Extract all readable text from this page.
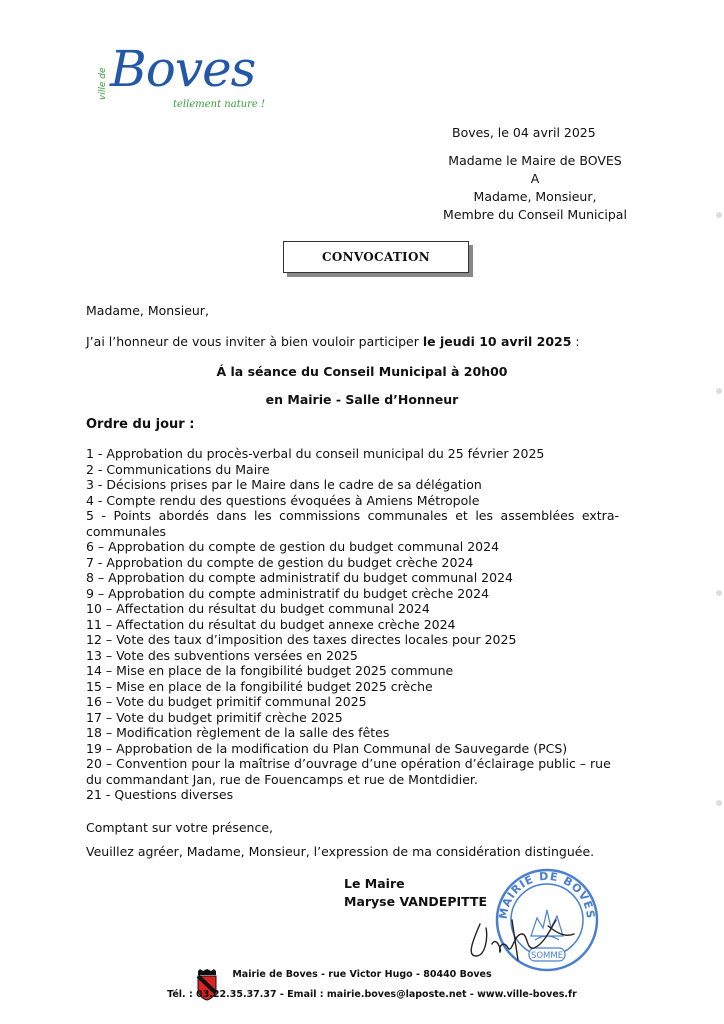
ville de Boves
tellement nature !
Boves, le 04 avril 2025
Madame le Maire de BOVES
A
Madame, Monsieur,
Membre du Conseil Municipal
CONVOCATION
Madame, Monsieur,
J’ai l’honneur de vous inviter à bien vouloir participer le jeudi 10 avril 2025 :
Á la séance du Conseil Municipal à 20h00
en Mairie - Salle d’Honneur
Ordre du jour :
1 - Approbation du procès-verbal du conseil municipal du 25 février 2025
2 - Communications du Maire
3 - Décisions prises par le Maire dans le cadre de sa délégation
4 - Compte rendu des questions évoquées à Amiens Métropole
5 - Points abordés dans les commissions communales et les assemblées extra-
communales
6 – Approbation du compte de gestion du budget communal 2024
7 - Approbation du compte de gestion du budget crèche 2024
8 – Approbation du compte administratif du budget communal 2024
9 – Approbation du compte administratif du budget crèche 2024
10 – Affectation du résultat du budget communal 2024
11 – Affectation du résultat du budget annexe crèche 2024
12 – Vote des taux d’imposition des taxes directes locales pour 2025
13 – Vote des subventions versées en 2025
14 – Mise en place de la fongibilité budget 2025 commune
15 – Mise en place de la fongibilité budget 2025 crèche
16 – Vote du budget primitif communal 2025
17 – Vote du budget primitif crèche 2025
18 – Modification règlement de la salle des fêtes
19 – Approbation de la modification du Plan Communal de Sauvegarde (PCS)
20 – Convention pour la maîtrise d’ouvrage d’une opération d’éclairage public – rue
du commandant Jan, rue de Fouencamps et rue de Montdidier.
21 - Questions diverses
Comptant sur votre présence,
Veuillez agréer, Madame, Monsieur, l’expression de ma considération distinguée.
Le Maire
Maryse VANDEPITTE
MAIRIE DE BOVES
SOMME
Mairie de Boves - rue Victor Hugo - 80440 Boves
Tél. : 03.22.35.37.37 - Email : mairie.boves@laposte.net - www.ville-boves.fr
